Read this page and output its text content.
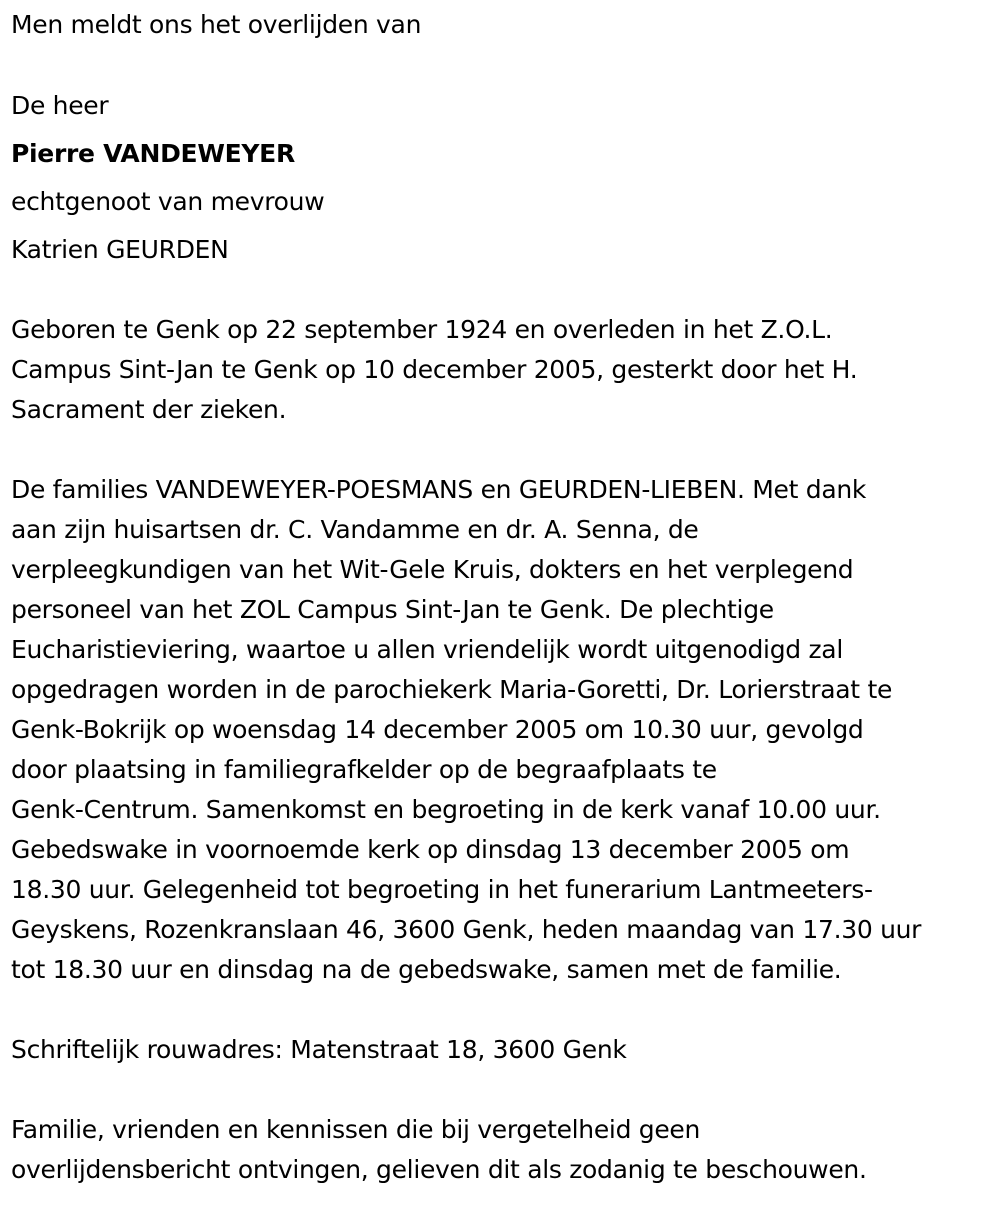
Men meldt ons het overlijden van
De heer
Pierre VANDEWEYER
echtgenoot van mevrouw
Katrien GEURDEN
Geboren te Genk op 22 september 1924 en overleden in het Z.O.L.
Campus Sint-Jan te Genk op 10 december 2005, gesterkt door het H.
Sacrament der zieken.
De families VANDEWEYER-POESMANS en GEURDEN-LIEBEN. Met dank
aan zijn huisartsen dr. C. Vandamme en dr. A. Senna, de
verpleegkundigen van het Wit-Gele Kruis, dokters en het verplegend
personeel van het ZOL Campus Sint-Jan te Genk. De plechtige
Eucharistieviering, waartoe u allen vriendelijk wordt uitgenodigd zal
opgedragen worden in de parochiekerk Maria-Goretti, Dr. Lorierstraat te
Genk-Bokrijk op woensdag 14 december 2005 om 10.30 uur, gevolgd
door plaatsing in familiegrafkelder op de begraafplaats te
Genk-Centrum. Samenkomst en begroeting in de kerk vanaf 10.00 uur.
Gebedswake in voornoemde kerk op dinsdag 13 december 2005 om
18.30 uur. Gelegenheid tot begroeting in het funerarium Lantmeeters-
Geyskens, Rozenkranslaan 46, 3600 Genk, heden maandag van 17.30 uur
tot 18.30 uur en dinsdag na de gebedswake, samen met de familie.
Schriftelijk rouwadres: Matenstraat 18, 3600 Genk
Familie, vrienden en kennissen die bij vergetelheid geen
overlijdensbericht ontvingen, gelieven dit als zodanig te beschouwen.
